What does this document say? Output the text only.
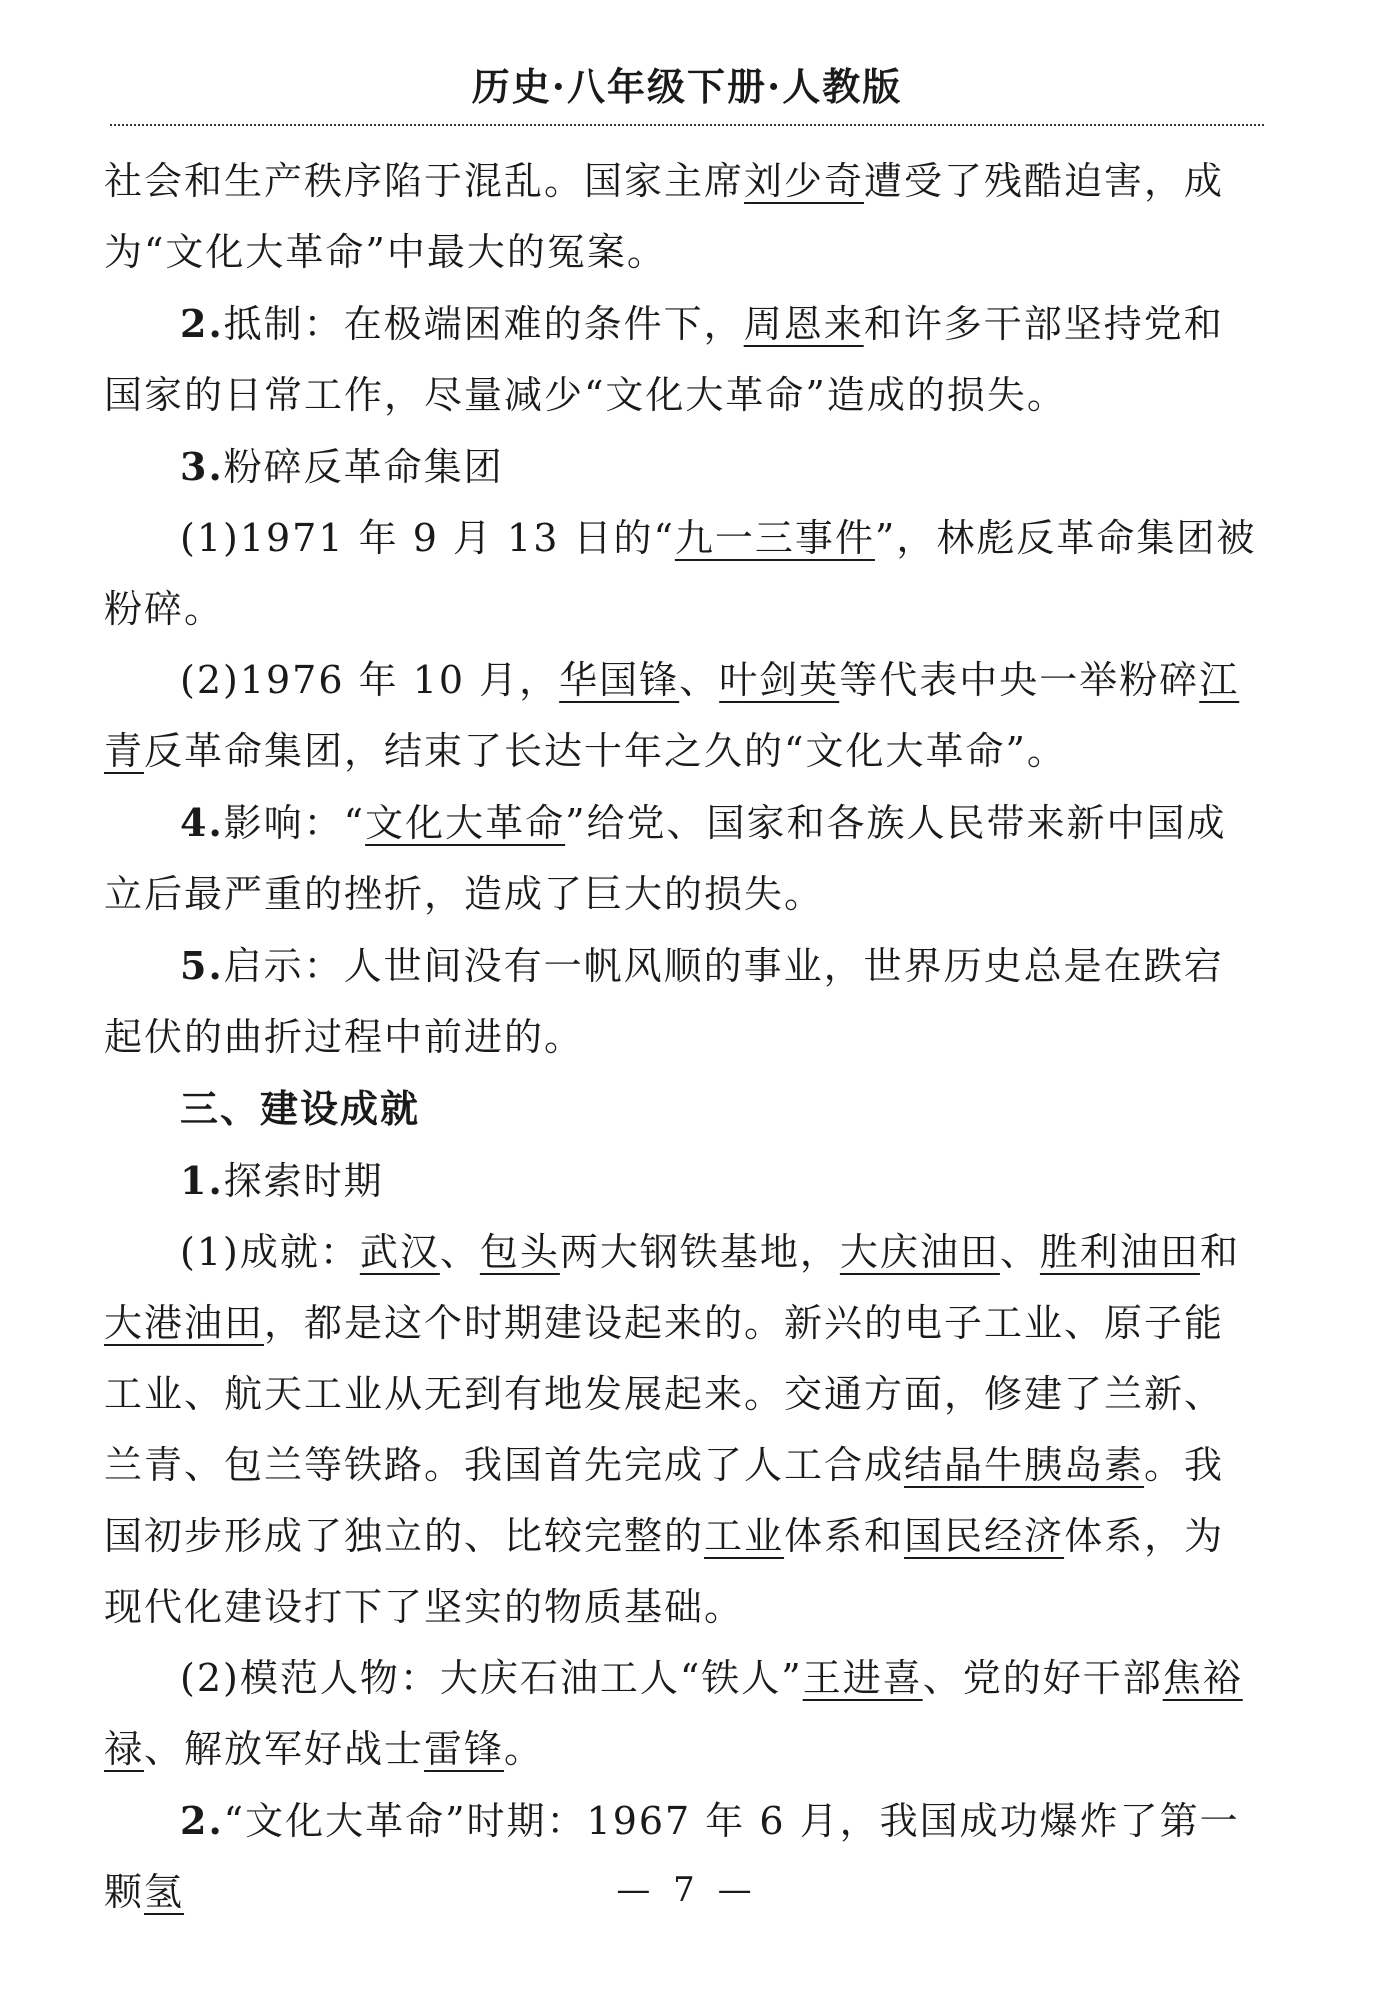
历史·八年级下册·人教版

社会和生产秩序陷于混乱。国家主席刘少奇遭受了残酷迫害，成为“文化大革命”中最大的冤案。

2.抵制：在极端困难的条件下，周恩来和许多干部坚持党和国家的日常工作，尽量减少“文化大革命”造成的损失。

3.粉碎反革命集团

(1)1971 年 9 月 13 日的“九一三事件”，林彪反革命集团被粉碎。

(2)1976 年 10 月，华国锋、叶剑英等代表中央一举粉碎江青反革命集团，结束了长达十年之久的“文化大革命”。

4.影响：“文化大革命”给党、国家和各族人民带来新中国成立后最严重的挫折，造成了巨大的损失。

5.启示：人世间没有一帆风顺的事业，世界历史总是在跌宕起伏的曲折过程中前进的。

三、建设成就

1.探索时期

(1)成就：武汉、包头两大钢铁基地，大庆油田、胜利油田和大港油田，都是这个时期建设起来的。新兴的电子工业、原子能工业、航天工业从无到有地发展起来。交通方面，修建了兰新、兰青、包兰等铁路。我国首先完成了人工合成结晶牛胰岛素。我国初步形成了独立的、比较完整的工业体系和国民经济体系，为现代化建设打下了坚实的物质基础。

(2)模范人物：大庆石油工人“铁人”王进喜、党的好干部焦裕禄、解放军好战士雷锋。

2.“文化大革命”时期：1967 年 6 月，我国成功爆炸了第一颗氢	— 7 —
